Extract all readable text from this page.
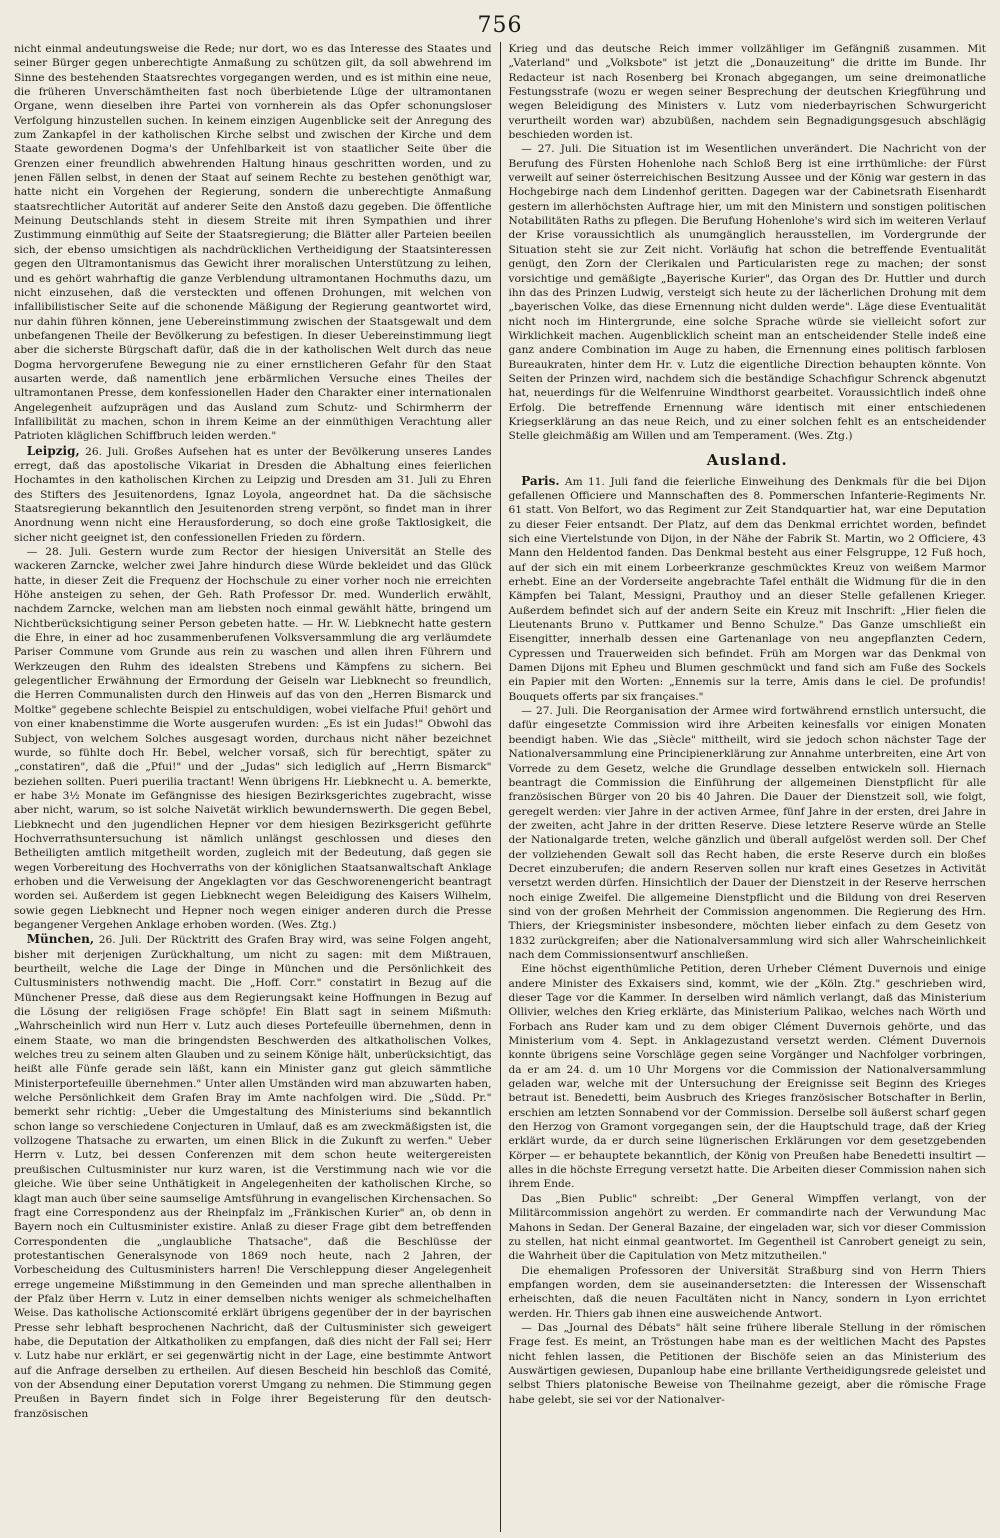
756

nicht einmal andeutungsweise die Rede; nur dort, wo es das Interesse des Staates und seiner Bürger gegen unberechtigte Anmaßung zu schützen gilt, da soll abwehrend im Sinne des bestehenden Staatsrechtes vorgegangen werden, und es ist mithin eine neue, die früheren Unverschämtheiten fast noch überbietende Lüge der ultramontanen Organe, wenn dieselben ihre Partei von vornherein als das Opfer schonungsloser Verfolgung hinzustellen suchen. In keinem einzigen Augenblicke seit der Anregung des zum Zankapfel in der katholischen Kirche selbst und zwischen der Kirche und dem Staate gewordenen Dogma's der Unfehlbarkeit ist von staatlicher Seite über die Grenzen einer freundlich abwehrenden Haltung hinaus geschritten worden, und zu jenen Fällen selbst, in denen der Staat auf seinem Rechte zu bestehen genöthigt war, hatte nicht ein Vorgehen der Regierung, sondern die unberechtigte Anmaßung staatsrechtlicher Autorität auf anderer Seite den Anstoß dazu gegeben. Die öffentliche Meinung Deutschlands steht in diesem Streite mit ihren Sympathien und ihrer Zustimmung einmüthig auf Seite der Staatsregierung; die Blätter aller Parteien beeilen sich, der ebenso umsichtigen als nachdrücklichen Vertheidigung der Staatsinteressen gegen den Ultramontanismus das Gewicht ihrer moralischen Unterstützung zu leihen, und es gehört wahrhaftig die ganze Verblendung ultramontanen Hochmuths dazu, um nicht einzusehen, daß die versteckten und offenen Drohungen, mit welchen von infallibilistischer Seite auf die schonende Mäßigung der Regierung geantwortet wird, nur dahin führen können, jene Uebereinstimmung zwischen der Staatsgewalt und dem unbefangenen Theile der Bevölkerung zu befestigen. In dieser Uebereinstimmung liegt aber die sicherste Bürgschaft dafür, daß die in der katholischen Welt durch das neue Dogma hervorgerufene Bewegung nie zu einer ernstlicheren Gefahr für den Staat ausarten werde, daß namentlich jene erbärmlichen Versuche eines Theiles der ultramontanen Presse, dem konfessionellen Hader den Charakter einer internationalen Angelegenheit aufzuprägen und das Ausland zum Schutz- und Schirmherrn der Infallibilität zu machen, schon in ihrem Keime an der einmüthigen Verachtung aller Patrioten kläglichen Schiffbruch leiden werden."

Leipzig, 26. Juli. Großes Aufsehen hat es unter der Bevölkerung unseres Landes erregt, daß das apostolische Vikariat in Dresden die Abhaltung eines feierlichen Hochamtes in den katholischen Kirchen zu Leipzig und Dresden am 31. Juli zu Ehren des Stifters des Jesuitenordens, Ignaz Loyola, angeordnet hat. Da die sächsische Staatsregierung bekanntlich den Jesuitenorden streng verpönt, so findet man in ihrer Anordnung wenn nicht eine Herausforderung, so doch eine große Taktlosigkeit, die sicher nicht geeignet ist, den confessionellen Frieden zu fördern.

— 28. Juli. Gestern wurde zum Rector der hiesigen Universität an Stelle des wackeren Zarncke, welcher zwei Jahre hindurch diese Würde bekleidet und das Glück hatte, in dieser Zeit die Frequenz der Hochschule zu einer vorher noch nie erreichten Höhe ansteigen zu sehen, der Geh. Rath Professor Dr. med. Wunderlich erwählt, nachdem Zarncke, welchen man am liebsten noch einmal gewählt hätte, bringend um Nichtberücksichtigung seiner Person gebeten hatte. — Hr. W. Liebknecht hatte gestern die Ehre, in einer ad hoc zusammenberufenen Volksversammlung die arg verläumdete Pariser Commune vom Grunde aus rein zu waschen und allen ihren Führern und Werkzeugen den Ruhm des idealsten Strebens und Kämpfens zu sichern. Bei gelegentlicher Erwähnung der Ermordung der Geiseln war Liebknecht so freundlich, die Herren Communalisten durch den Hinweis auf das von den „Herren Bismarck und Moltke" gegebene schlechte Beispiel zu entschuldigen, wobei vielfache Pfui! gehört und von einer knabenstimme die Worte ausgerufen wurden: „Es ist ein Judas!" Obwohl das Subject, von welchem Solches ausgesagt worden, durchaus nicht näher bezeichnet wurde, so fühlte doch Hr. Bebel, welcher vorsaß, sich für berechtigt, später zu „constatiren", daß die „Pfui!" und der „Judas" sich lediglich auf „Herrn Bismarck" beziehen sollten. Pueri puerilia tractant! Wenn übrigens Hr. Liebknecht u. A. bemerkte, er habe 3½ Monate im Gefängnisse des hiesigen Bezirksgerichtes zugebracht, wisse aber nicht, warum, so ist solche Naivetät wirklich bewundernswerth. Die gegen Bebel, Liebknecht und den jugendlichen Hepner vor dem hiesigen Bezirksgericht geführte Hochverrathsuntersuchung ist nämlich unlängst geschlossen und dieses den Betheiligten amtlich mitgetheilt worden, zugleich mit der Bedeutung, daß gegen sie wegen Vorbereitung des Hochverraths von der königlichen Staatsanwaltschaft Anklage erhoben und die Verweisung der Angeklagten vor das Geschworenengericht beantragt worden sei. Außerdem ist gegen Liebknecht wegen Beleidigung des Kaisers Wilhelm, sowie gegen Liebknecht und Hepner noch wegen einiger anderen durch die Presse begangener Vergehen Anklage erhoben worden. (Wes. Ztg.)

München, 26. Juli. Der Rücktritt des Grafen Bray wird, was seine Folgen angeht, bisher mit derjenigen Zurückhaltung, um nicht zu sagen: mit dem Mißtrauen, beurtheilt, welche die Lage der Dinge in München und die Persönlichkeit des Cultusministers nothwendig macht. Die „Hoff. Corr." constatirt in Bezug auf die Münchener Presse, daß diese aus dem Regierungsakt keine Hoffnungen in Bezug auf die Lösung der religiösen Frage schöpfe! Ein Blatt sagt in seinem Mißmuth: „Wahrscheinlich wird nun Herr v. Lutz auch dieses Portefeuille übernehmen, denn in einem Staate, wo man die bringendsten Beschwerden des altkatholischen Volkes, welches treu zu seinem alten Glauben und zu seinem Könige hält, unberücksichtigt, das heißt alle Fünfe gerade sein läßt, kann ein Minister ganz gut gleich sämmtliche Ministerportefeuille übernehmen." Unter allen Umständen wird man abzuwarten haben, welche Persönlichkeit dem Grafen Bray im Amte nachfolgen wird. Die „Südd. Pr." bemerkt sehr richtig: „Ueber die Umgestaltung des Ministeriums sind bekanntlich schon lange so verschiedene Conjecturen in Umlauf, daß es am zweckmäßigsten ist, die vollzogene Thatsache zu erwarten, um einen Blick in die Zukunft zu werfen." Ueber Herrn v. Lutz, bei dessen Conferenzen mit dem schon heute weitergereisten preußischen Cultusminister nur kurz waren, ist die Verstimmung nach wie vor die gleiche. Wie über seine Unthätigkeit in Angelegenheiten der katholischen Kirche, so klagt man auch über seine saumselige Amtsführung in evangelischen Kirchensachen. So fragt eine Correspondenz aus der Rheinpfalz im „Fränkischen Kurier" an, ob denn in Bayern noch ein Cultusminister existire. Anlaß zu dieser Frage gibt dem betreffenden Correspondenten die „unglaubliche Thatsache", daß die Beschlüsse der protestantischen Generalsynode von 1869 noch heute, nach 2 Jahren, der Vorbescheidung des Cultusministers harren! Die Verschleppung dieser Angelegenheit errege ungemeine Mißstimmung in den Gemeinden und man spreche allenthalben in der Pfalz über Herrn v. Lutz in einer demselben nichts weniger als schmeichelhaften Weise. Das katholische Actionscomité erklärt übrigens gegenüber der in der bayrischen Presse sehr lebhaft besprochenen Nachricht, daß der Cultusminister sich geweigert habe, die Deputation der Altkatholiken zu empfangen, daß dies nicht der Fall sei; Herr v. Lutz habe nur erklärt, er sei gegenwärtig nicht in der Lage, eine bestimmte Antwort auf die Anfrage derselben zu ertheilen. Auf diesen Bescheid hin beschloß das Comité, von der Absendung einer Deputation vorerst Umgang zu nehmen. Die Stimmung gegen Preußen in Bayern findet sich in Folge ihrer Begeisterung für den deutsch-französischen

Krieg und das deutsche Reich immer vollzähliger im Gefängniß zusammen. Mit „Vaterland" und „Volksbote" ist jetzt die „Donauzeitung" die dritte im Bunde. Ihr Redacteur ist nach Rosenberg bei Kronach abgegangen, um seine dreimonatliche Festungsstrafe (wozu er wegen seiner Besprechung der deutschen Kriegführung und wegen Beleidigung des Ministers v. Lutz vom niederbayrischen Schwurgericht verurtheilt worden war) abzubüßen, nachdem sein Begnadigungsgesuch abschlägig beschieden worden ist.

— 27. Juli. Die Situation ist im Wesentlichen unverändert. Die Nachricht von der Berufung des Fürsten Hohenlohe nach Schloß Berg ist eine irrthümliche: der Fürst verweilt auf seiner österreichischen Besitzung Aussee und der König war gestern in das Hochgebirge nach dem Lindenhof geritten. Dagegen war der Cabinetsrath Eisenhardt gestern im allerhöchsten Auftrage hier, um mit den Ministern und sonstigen politischen Notabilitäten Raths zu pflegen. Die Berufung Hohenlohe's wird sich im weiteren Verlauf der Krise voraussichtlich als unumgänglich herausstellen, im Vordergrunde der Situation steht sie zur Zeit nicht. Vorläufig hat schon die betreffende Eventualität genügt, den Zorn der Clerikalen und Particularisten rege zu machen; der sonst vorsichtige und gemäßigte „Bayerische Kurier", das Organ des Dr. Huttler und durch ihn das des Prinzen Ludwig, versteigt sich heute zu der lächerlichen Drohung mit dem „bayerischen Volke, das diese Ernennung nicht dulden werde". Läge diese Eventualität nicht noch im Hintergrunde, eine solche Sprache würde sie vielleicht sofort zur Wirklichkeit machen. Augenblicklich scheint man an entscheidender Stelle indeß eine ganz andere Combination im Auge zu haben, die Ernennung eines politisch farblosen Bureaukraten, hinter dem Hr. v. Lutz die eigentliche Direction behaupten könnte. Von Seiten der Prinzen wird, nachdem sich die beständige Schachfigur Schrenck abgenutzt hat, neuerdings für die Welfenruine Windthorst gearbeitet. Voraussichtlich indeß ohne Erfolg. Die betreffende Ernennung wäre identisch mit einer entschiedenen Kriegserklärung an das neue Reich, und zu einer solchen fehlt es an entscheidender Stelle gleichmäßig am Willen und am Temperament. (Wes. Ztg.)

Ausland.

Paris. Am 11. Juli fand die feierliche Einweihung des Denkmals für die bei Dijon gefallenen Officiere und Mannschaften des 8. Pommerschen Infanterie-Regiments Nr. 61 statt. Von Belfort, wo das Regiment zur Zeit Standquartier hat, war eine Deputation zu dieser Feier entsandt. Der Platz, auf dem das Denkmal errichtet worden, befindet sich eine Viertelstunde von Dijon, in der Nähe der Fabrik St. Martin, wo 2 Officiere, 43 Mann den Heldentod fanden. Das Denkmal besteht aus einer Felsgruppe, 12 Fuß hoch, auf der sich ein mit einem Lorbeerkranze geschmücktes Kreuz von weißem Marmor erhebt. Eine an der Vorderseite angebrachte Tafel enthält die Widmung für die in den Kämpfen bei Talant, Messigni, Prauthoy und an dieser Stelle gefallenen Krieger. Außerdem befindet sich auf der andern Seite ein Kreuz mit Inschrift: „Hier fielen die Lieutenants Bruno v. Puttkamer und Benno Schulze." Das Ganze umschließt ein Eisengitter, innerhalb dessen eine Gartenanlage von neu angepflanzten Cedern, Cypressen und Trauerweiden sich befindet. Früh am Morgen war das Denkmal von Damen Dijons mit Epheu und Blumen geschmückt und fand sich am Fuße des Sockels ein Papier mit den Worten: „Ennemis sur la terre, Amis dans le ciel. De profundis! Bouquets offerts par six françaises."

— 27. Juli. Die Reorganisation der Armee wird fortwährend ernstlich untersucht, die dafür eingesetzte Commission wird ihre Arbeiten keinesfalls vor einigen Monaten beendigt haben. Wie das „Siècle" mittheilt, wird sie jedoch schon nächster Tage der Nationalversammlung eine Principienerklärung zur Annahme unterbreiten, eine Art von Vorrede zu dem Gesetz, welche die Grundlage desselben entwickeln soll. Hiernach beantragt die Commission die Einführung der allgemeinen Dienstpflicht für alle französischen Bürger von 20 bis 40 Jahren. Die Dauer der Dienstzeit soll, wie folgt, geregelt werden: vier Jahre in der activen Armee, fünf Jahre in der ersten, drei Jahre in der zweiten, acht Jahre in der dritten Reserve. Diese letztere Reserve würde an Stelle der Nationalgarde treten, welche gänzlich und überall aufgelöst werden soll. Der Chef der vollziehenden Gewalt soll das Recht haben, die erste Reserve durch ein bloßes Decret einzuberufen; die andern Reserven sollen nur kraft eines Gesetzes in Activität versetzt werden dürfen. Hinsichtlich der Dauer der Dienstzeit in der Reserve herrschen noch einige Zweifel. Die allgemeine Dienstpflicht und die Bildung von drei Reserven sind von der großen Mehrheit der Commission angenommen. Die Regierung des Hrn. Thiers, der Kriegsminister insbesondere, möchten lieber einfach zu dem Gesetz von 1832 zurückgreifen; aber die Nationalversammlung wird sich aller Wahrscheinlichkeit nach dem Commissionsentwurf anschließen.

Eine höchst eigenthümliche Petition, deren Urheber Clément Duvernois und einige andere Minister des Exkaisers sind, kommt, wie der „Köln. Ztg." geschrieben wird, dieser Tage vor die Kammer. In derselben wird nämlich verlangt, daß das Ministerium Ollivier, welches den Krieg erklärte, das Ministerium Palikao, welches nach Wörth und Forbach ans Ruder kam und zu dem obiger Clément Duvernois gehörte, und das Ministerium vom 4. Sept. in Anklagezustand versetzt werden. Clément Duvernois konnte übrigens seine Vorschläge gegen seine Vorgänger und Nachfolger vorbringen, da er am 24. d. um 10 Uhr Morgens vor die Commission der Nationalversammlung geladen war, welche mit der Untersuchung der Ereignisse seit Beginn des Krieges betraut ist. Benedetti, beim Ausbruch des Krieges französischer Botschafter in Berlin, erschien am letzten Sonnabend vor der Commission. Derselbe soll äußerst scharf gegen den Herzog von Gramont vorgegangen sein, der die Hauptschuld trage, daß der Krieg erklärt wurde, da er durch seine lügnerischen Erklärungen vor dem gesetzgebenden Körper — er behauptete bekanntlich, der König von Preußen habe Benedetti insultirt — alles in die höchste Erregung versetzt hatte. Die Arbeiten dieser Commission nahen sich ihrem Ende.

Das „Bien Public" schreibt: „Der General Wimpffen verlangt, von der Militärcommission angehört zu werden. Er commandirte nach der Verwundung Mac Mahons in Sedan. Der General Bazaine, der eingeladen war, sich vor dieser Commission zu stellen, hat nicht einmal geantwortet. Im Gegentheil ist Canrobert geneigt zu sein, die Wahrheit über die Capitulation von Metz mitzutheilen."

Die ehemaligen Professoren der Universität Straßburg sind von Herrn Thiers empfangen worden, dem sie auseinandersetzten: die Interessen der Wissenschaft erheischten, daß die neuen Facultäten nicht in Nancy, sondern in Lyon errichtet werden. Hr. Thiers gab ihnen eine ausweichende Antwort.

— Das „Journal des Débats" hält seine frühere liberale Stellung in der römischen Frage fest. Es meint, an Tröstungen habe man es der weltlichen Macht des Papstes nicht fehlen lassen, die Petitionen der Bischöfe seien an das Ministerium des Auswärtigen gewiesen, Dupanloup habe eine brillante Vertheidigungsrede geleistet und selbst Thiers platonische Beweise von Theilnahme gezeigt, aber die römische Frage habe gelebt, sie sei vor der Nationalver-
